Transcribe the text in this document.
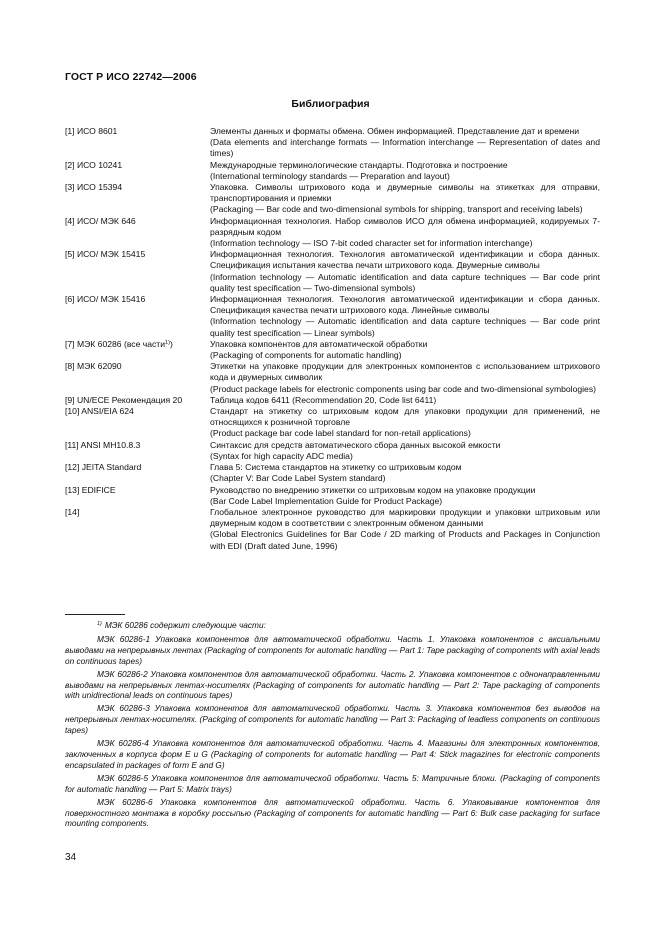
ГОСТ Р ИСО 22742—2006
Библиография
[1] ИСО 8601	Элементы данных и форматы обмена. Обмен информацией. Представление дат и времени

(Data elements and interchange formats — Information interchange — Representation of dates and times)

[2] ИСО 10241	Международные терминологические стандарты. Подготовка и построение

(International terminology standards — Preparation and layout)

[3] ИСО 15394	Упаковка. Символы штрихового кода и двумерные символы на этикетках для отправки, транспортирования и приемки

(Packaging — Bar code and two-dimensional symbols for shipping, transport and receiving labels)

[4] ИСО/ МЭК 646	Информационная технология. Набор символов ИСО для обмена информацией, кодируемых 7-разрядным кодом

(Information technology — ISO 7-bit coded character set for information interchange)

[5] ИСО/ МЭК 15415	Информационная технология. Технология автоматической идентификации и сбора данных. Спецификация испытания качества печати штрихового кода. Двумерные символы

(Information technology — Automatic identification and data capture techniques — Bar code print quality test specification — Two-dimensional symbols)

[6] ИСО/ МЭК 15416	Информационная технология. Технология автоматической идентификации и сбора данных. Спецификация качества печати штрихового кода. Линейные символы

(Information technology — Automatic identification and data capture techniques — Bar code print quality test specification — Linear symbols)

[7] МЭК 60286 (все части$^{1)}$)	Упаковка компонентов для автоматической обработки

(Packaging of components for automatic handling)

[8] МЭК 62090	Этикетки на упаковке продукции для электронных компонентов с использованием штрихового кода и двумерных символик

(Product package labels for electronic components using bar code and two-dimensional symbologies)

[9] UN/ECE Рекомендация 20	Таблица кодов 6411 (Recommendation 20, Code list 6411)

[10] ANSI/EIA 624	Стандарт на этикетку со штриховым кодом для упаковки продукции для применений, не относящихся к розничной торговле

(Product package bar code label standard for non-retail applications)

[11] ANSI MH10.8.3	Синтаксис для средств автоматического сбора данных высокой емкости

(Syntax for high capacity ADC media)

[12] JEITA Standard	Глава 5: Система стандартов на этикетку со штриховым кодом

(Chapter V: Bar Code Label System standard)

[13] EDIFICE	Руководство по внедрению этикетки со штриховым кодом на упаковке продукции

(Bar Code Label Implementation Guide for Product Package)

[14]	Глобальное электронное руководство для маркировки продукции и упаковки штриховым или двумерным кодом в соответствии с электронным обменом данными

(Global Electronics Guidelines for Bar Code / 2D marking of Products and Packages in Conjunction with EDI (Draft dated June, 1996)

$^{1)}$ МЭК 60286 содержит следующие части:

МЭК 60286-1 Упаковка компонентов для автоматической обработки. Часть 1. Упаковка компонентов с аксиальными выводами на непрерывных лентах (Packaging of components for automatic handling — Part 1: Tape packaging of components with axial leads on continuous tapes)

МЭК 60286-2 Упаковка компонентов для автоматической обработки. Часть 2. Упаковка компонентов с однонаправленными выводами на непрерывных лентах-носителях (Packaging of components for automatic handling — Part 2: Tape packaging of components with unidirectional leads on continuous tapes)

МЭК 60286-3 Упаковка компонентов для автоматической обработки. Часть 3. Упаковка компонентов без выводов на непрерывных лентах-носителях. (Packging of components for automatic handling — Part 3: Packaging of leadless components on continuous tapes)

МЭК 60286-4 Упаковка компонентов для автоматической обработки. Часть 4. Магазины для электронных компонентов, заключенных в корпуса форм E и G (Packaging of components for automatic handling — Part 4: Stick magazines for electronic components encapsulated in packages of form E and G)

МЭК 60286-5 Упаковка компонентов для автоматической обработки. Часть 5: Матричные блоки. (Packaging of components for automatic handling — Part 5: Matrix trays)

МЭК 60286-6 Упаковка компонентов для автоматической обработки. Часть 6. Упаковывание компонентов для поверхностного монтажа в коробку россыпью (Packaging of components for automatic handling — Part 6: Bulk case packaging for surface mounting components.

34
